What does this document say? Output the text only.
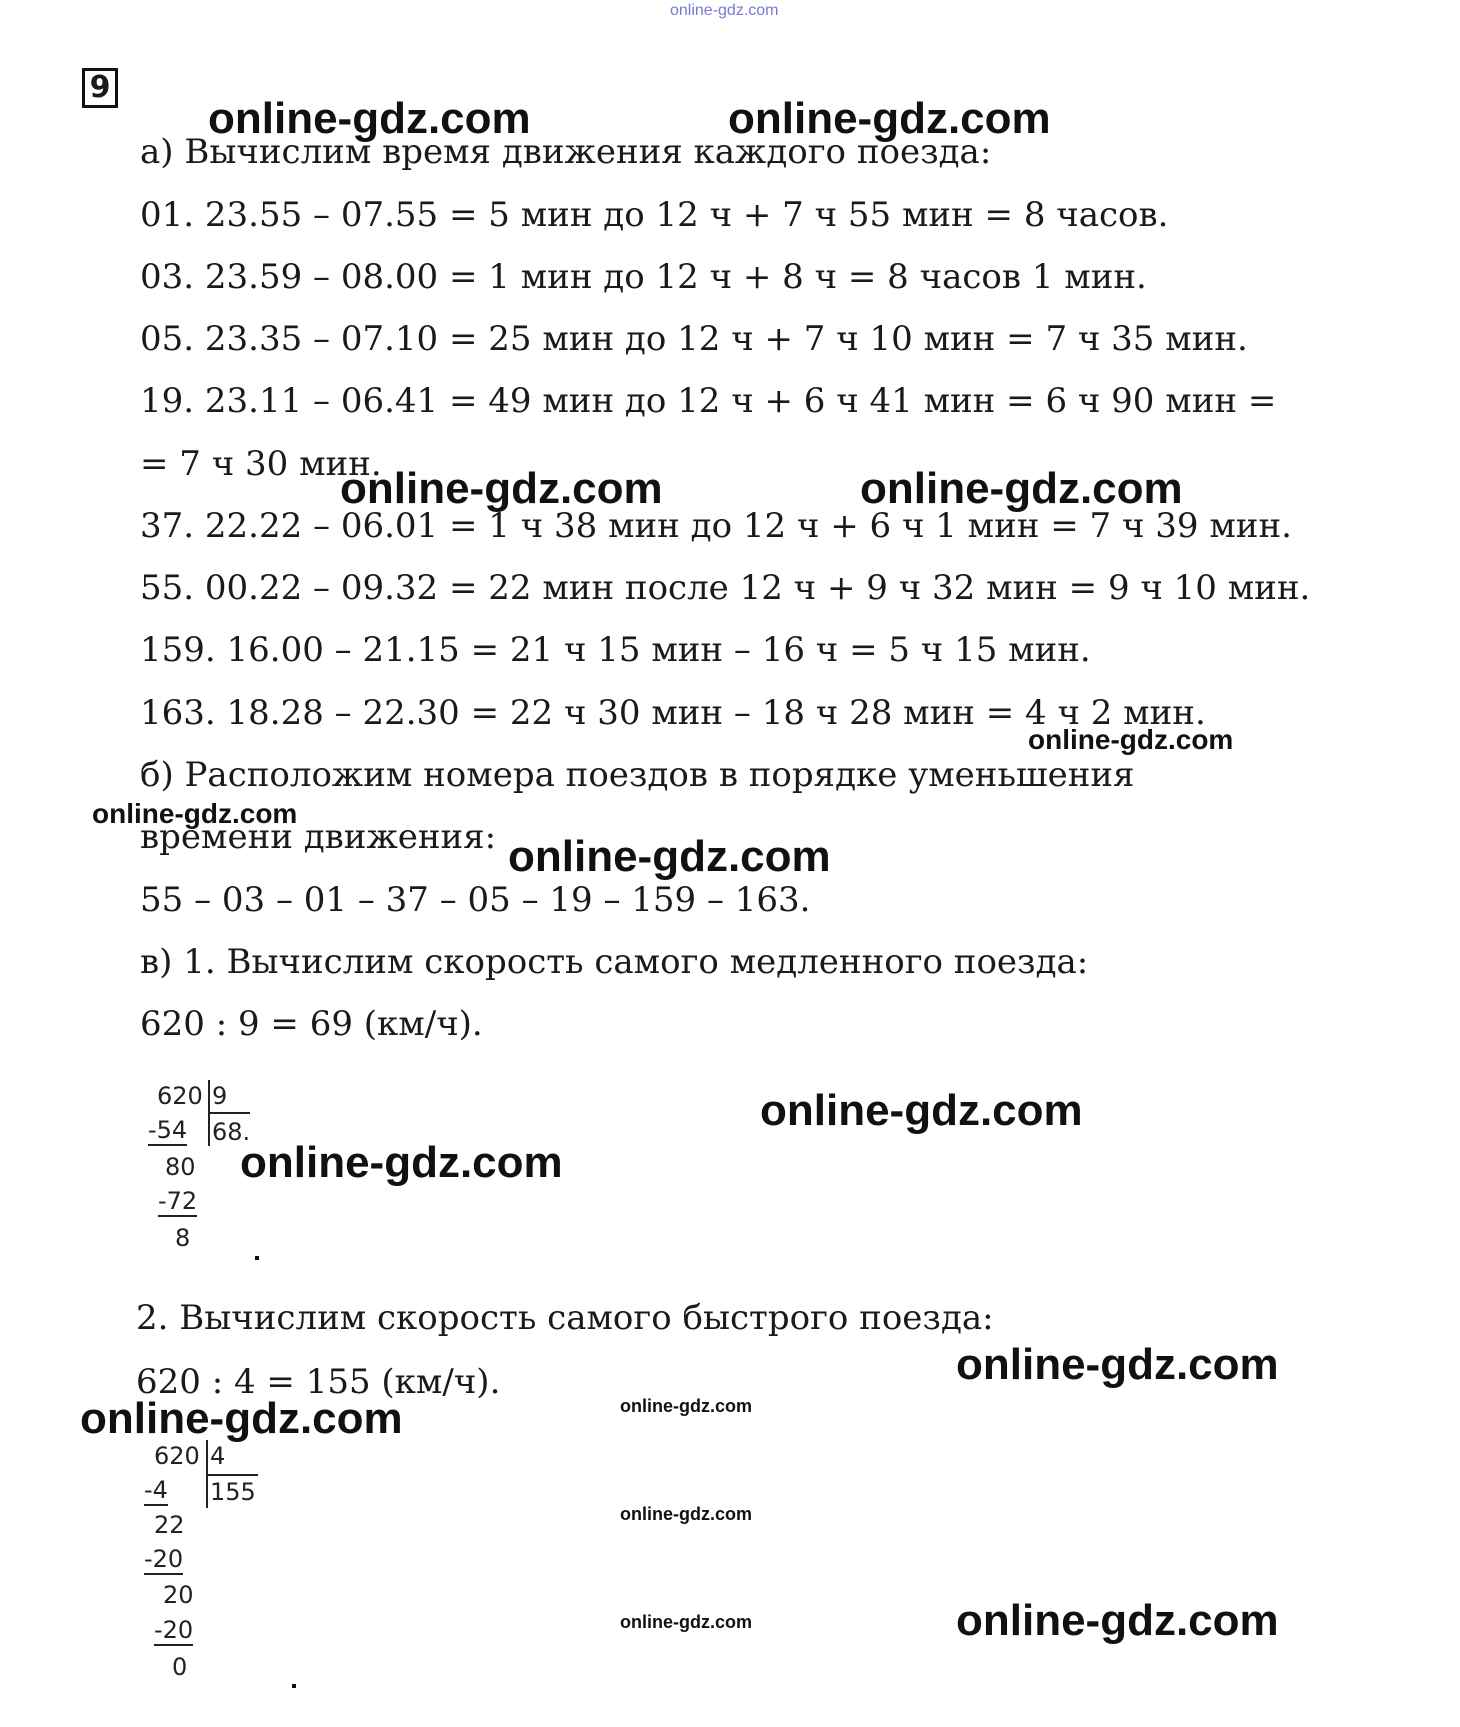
online-gdz.com
9
а) Вычислим время движения каждого поезда:
01. 23.55 – 07.55 = 5 мин до 12 ч + 7 ч 55 мин = 8 часов.
03. 23.59 – 08.00 = 1 мин до 12 ч + 8 ч = 8 часов 1 мин.
05. 23.35 – 07.10 = 25 мин до 12 ч + 7 ч 10 мин = 7 ч 35 мин.
19. 23.11 – 06.41 = 49 мин до 12 ч + 6 ч 41 мин = 6 ч 90 мин =
= 7 ч 30 мин.
37. 22.22 – 06.01 = 1 ч 38 мин до 12 ч + 6 ч 1 мин = 7 ч 39 мин.
55. 00.22 – 09.32 = 22 мин после 12 ч + 9 ч 32 мин = 9 ч 10 мин.
159. 16.00 – 21.15 = 21 ч 15 мин – 16 ч = 5 ч 15 мин.
163. 18.28 – 22.30 = 22 ч 30 мин – 18 ч 28 мин = 4 ч 2 мин.
б) Расположим номера поездов в порядке уменьшения
времени движения:
55 – 03 – 01 – 37 – 05 – 19 – 159 – 163.
в) 1. Вычислим скорость самого медленного поезда:
620 : 9 = 69 (км/ч).
620 9
-54 68.
80
-72
8
2. Вычислим скорость самого быстрого поезда:
620 : 4 = 155 (км/ч).
620 4
-4 155
22
-20
20
-20
0
online-gdz.com	online-gdz.com
online-gdz.com	online-gdz.com
online-gdz.com
online-gdz.com
online-gdz.com
online-gdz.com
online-gdz.com
online-gdz.com
online-gdz.com	online-gdz.com
online-gdz.com
online-gdz.com	online-gdz.com
